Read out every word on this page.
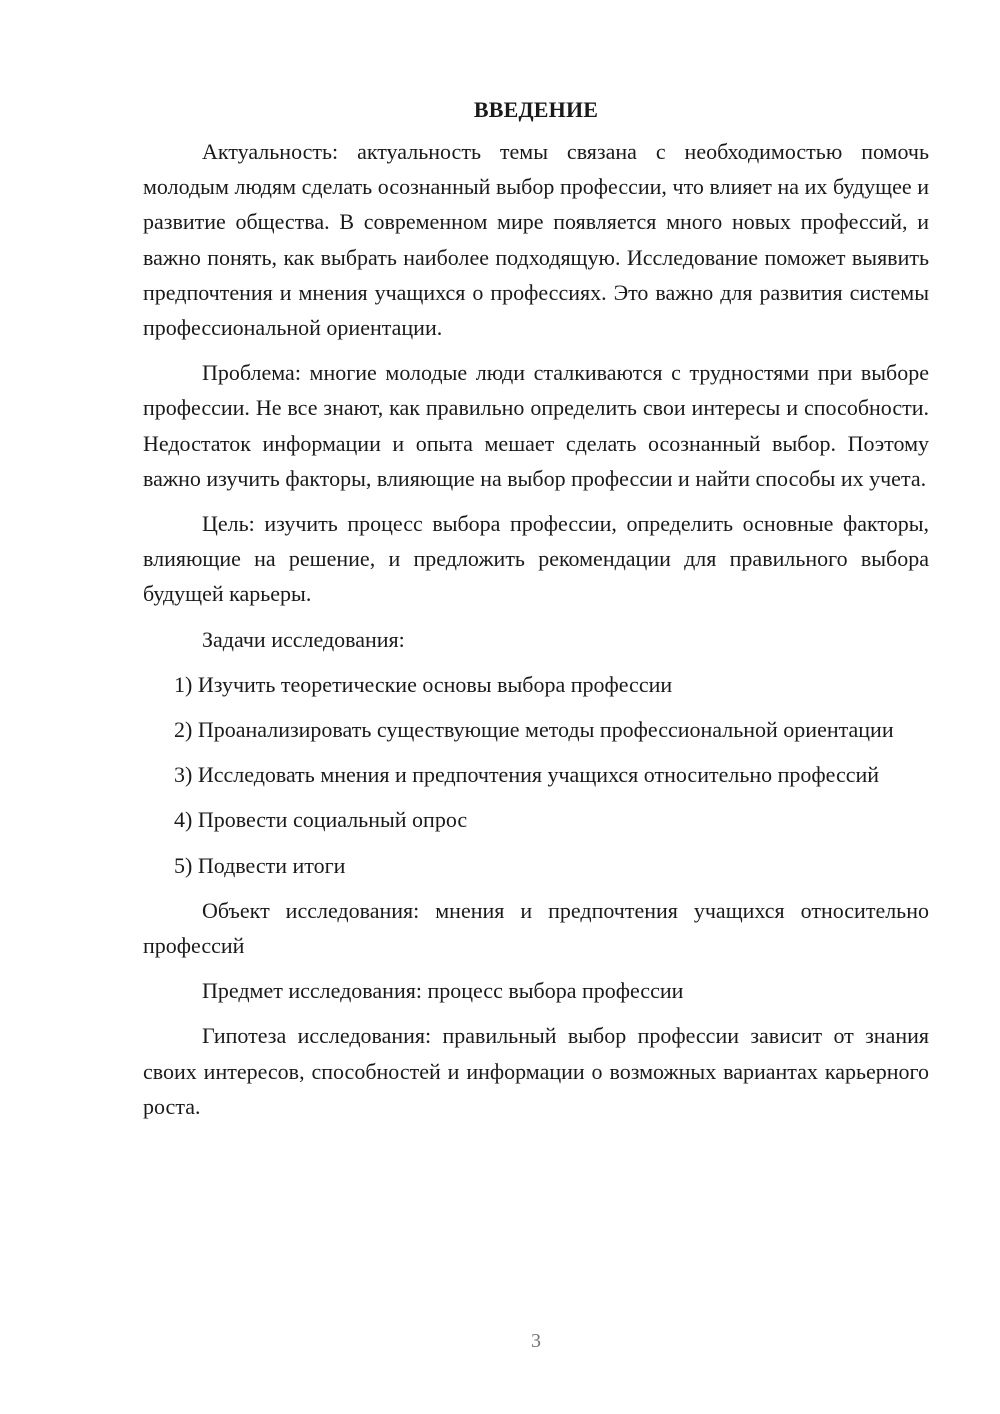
ВВЕДЕНИЕ

Актуальность: актуальность темы связана с необходимостью помочь молодым людям сделать осознанный выбор профессии, что влияет на их будущее и развитие общества. В современном мире появляется много новых профессий, и важно понять, как выбрать наиболее подходящую. Исследование поможет выявить предпочтения и мнения учащихся о профессиях. Это важно для развития системы профессиональной ориентации.

Проблема: многие молодые люди сталкиваются с трудностями при выборе профессии. Не все знают, как правильно определить свои интересы и способности. Недостаток информации и опыта мешает сделать осознанный выбор. Поэтому важно изучить факторы, влияющие на выбор профессии и найти способы их учета.

Цель: изучить процесс выбора профессии, определить основные факторы, влияющие на решение, и предложить рекомендации для правильного выбора будущей карьеры.

Задачи исследования:

1) Изучить теоретические основы выбора профессии

2) Проанализировать существующие методы профессиональной ориентации

3) Исследовать мнения и предпочтения учащихся относительно профессий

4) Провести социальный опрос

5) Подвести итоги

Объект исследования: мнения и предпочтения учащихся относительно профессий

Предмет исследования: процесс выбора профессии

Гипотеза исследования: правильный выбор профессии зависит от знания своих интересов, способностей и информации о возможных вариантах карьерного роста.

3
